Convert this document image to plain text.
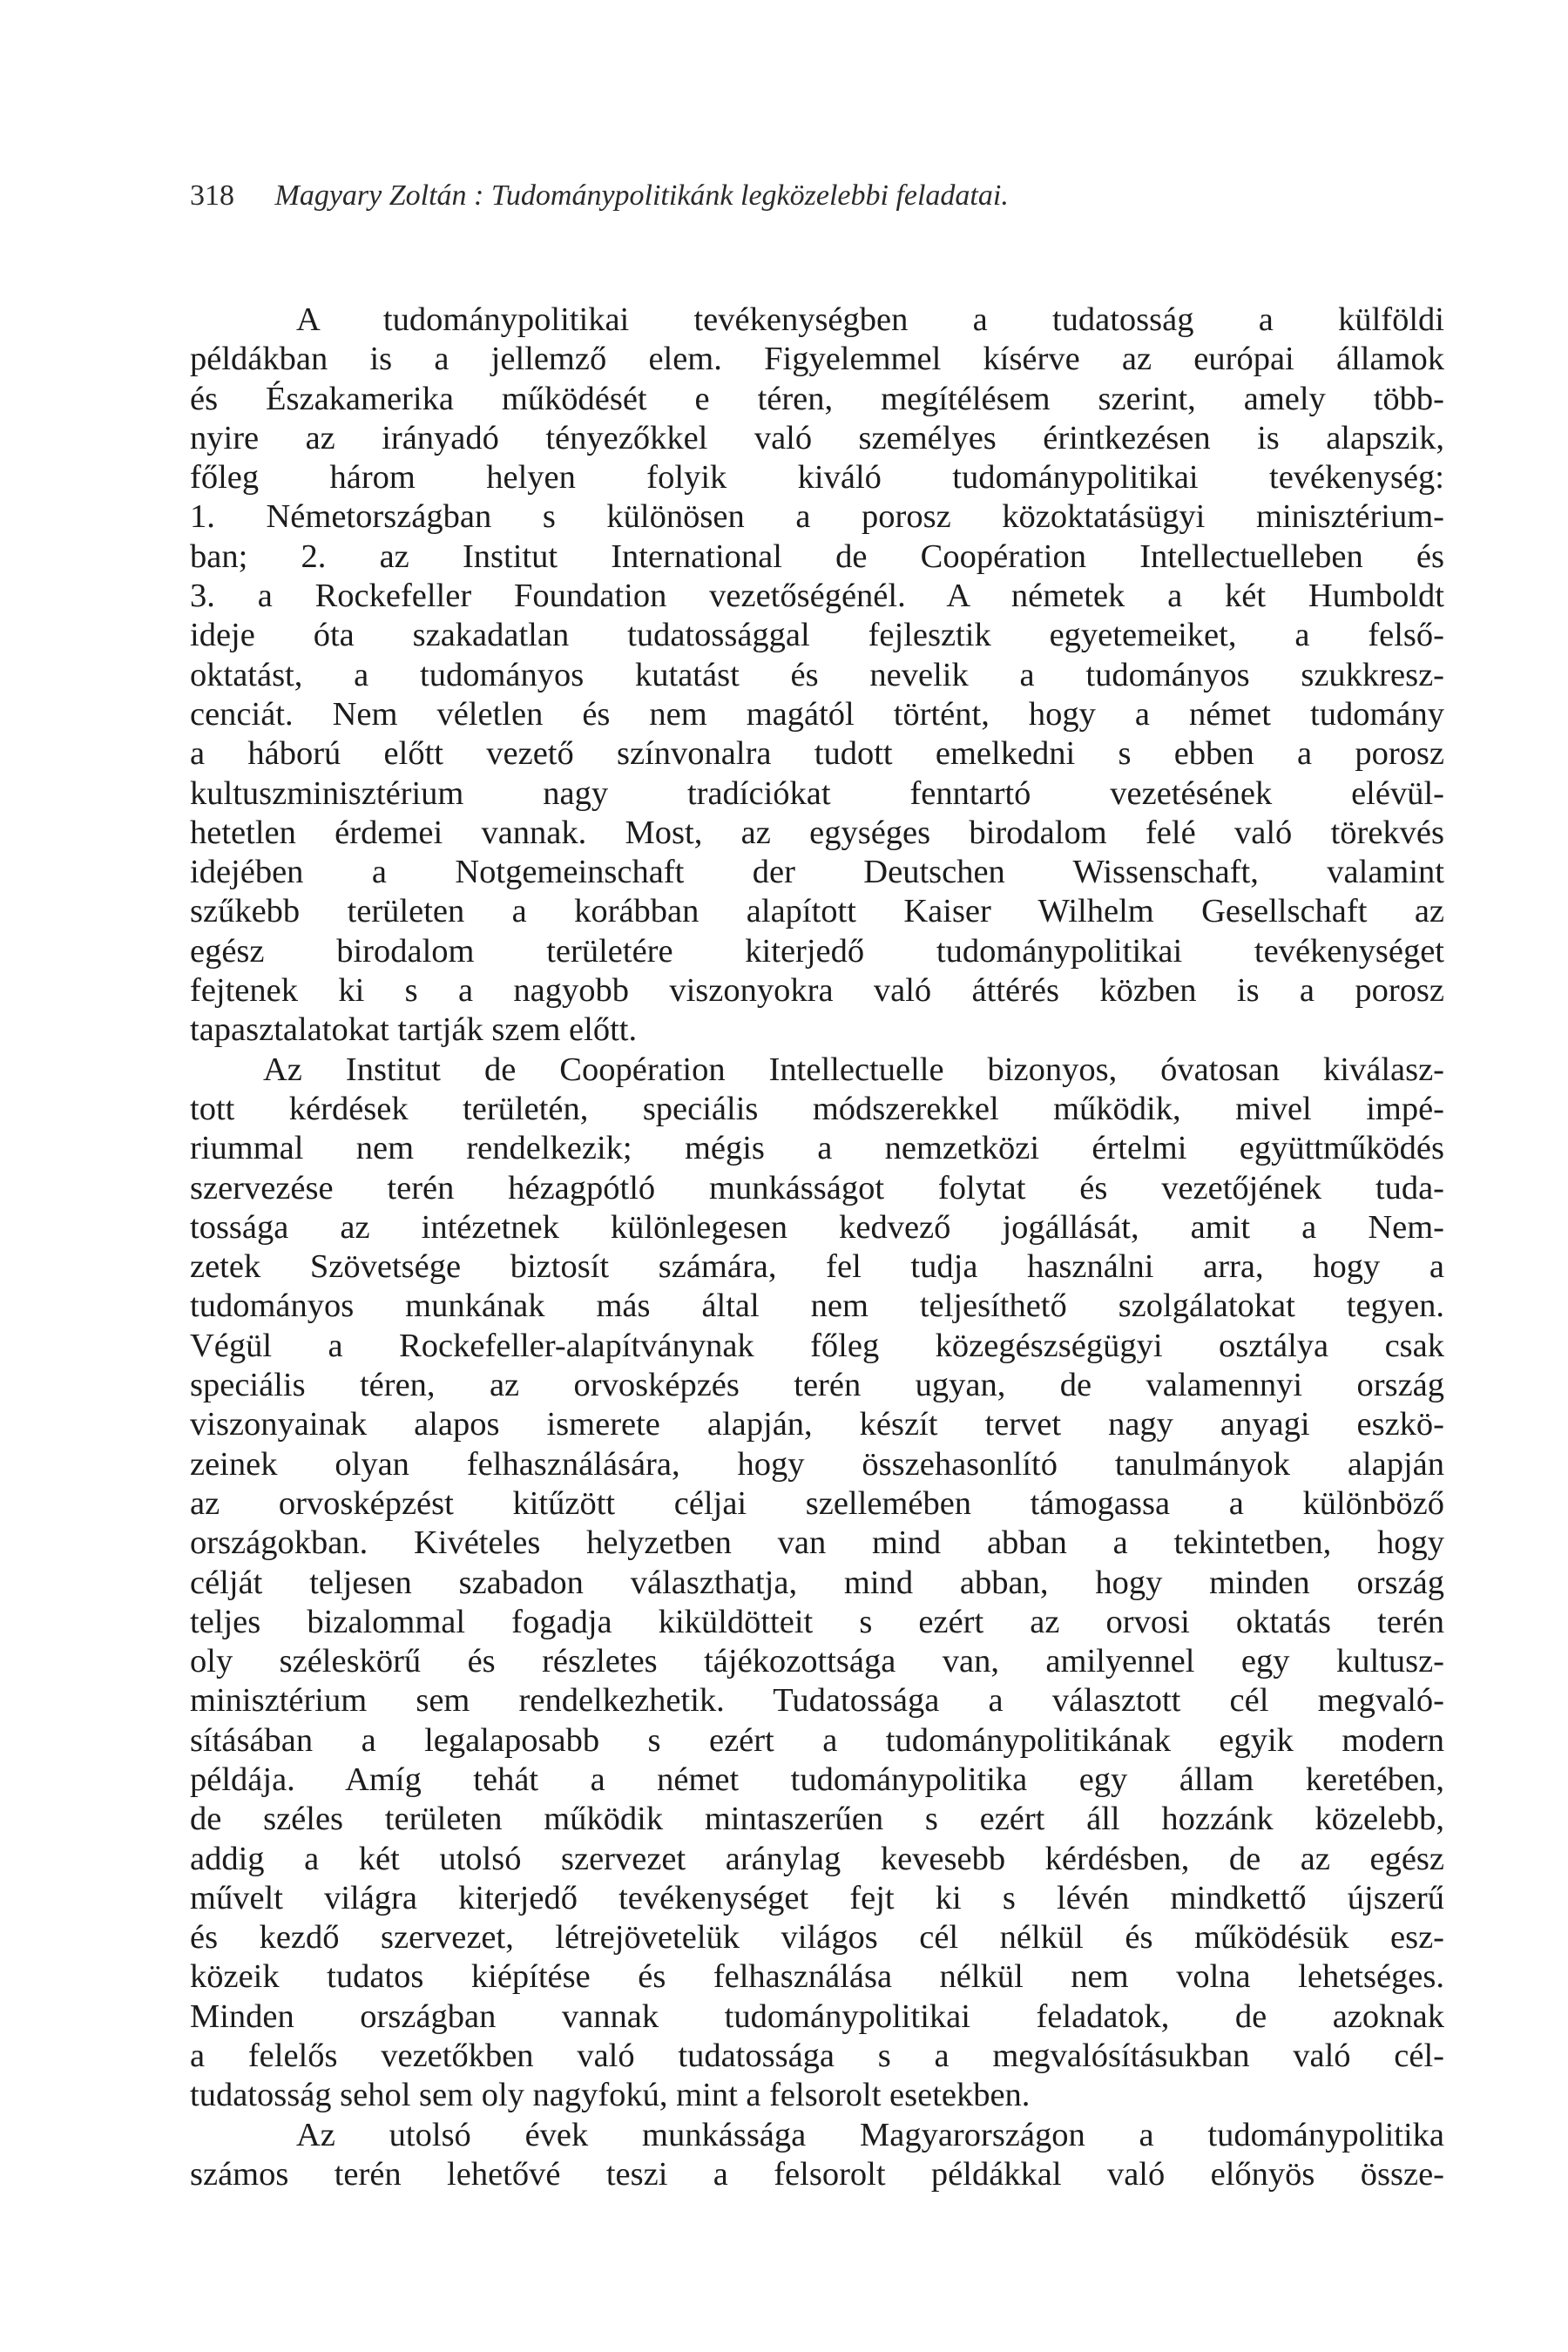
318 Magyary Zoltán : Tudománypolitikánk legközelebbi feladatai.
A tudománypolitikai tevékenységben a tudatosság a külföldi
példákban is a jellemző elem. Figyelemmel kísérve az európai államok
és Északamerika működését e téren, megítélésem szerint, amely több-
nyire az irányadó tényezőkkel való személyes érintkezésen is alapszik,
főleg három helyen folyik kiváló tudománypolitikai tevékenység:
1. Németországban s különösen a porosz közoktatásügyi minisztérium-
ban; 2. az Institut International de Coopération Intellectuelleben és
3. a Rockefeller Foundation vezetőségénél. A németek a két Humboldt
ideje óta szakadatlan tudatossággal fejlesztik egyetemeiket, a felső-
oktatást, a tudományos kutatást és nevelik a tudományos szukkresz-
cenciát. Nem véletlen és nem magától történt, hogy a német tudomány
a háború előtt vezető színvonalra tudott emelkedni s ebben a porosz
kultuszminisztérium nagy tradíciókat fenntartó vezetésének elévül-
hetetlen érdemei vannak. Most, az egységes birodalom felé való törekvés
idejében a Notgemeinschaft der Deutschen Wissenschaft, valamint
szűkebb területen a korábban alapított Kaiser Wilhelm Gesellschaft az
egész birodalom területére kiterjedő tudománypolitikai tevékenységet
fejtenek ki s a nagyobb viszonyokra való áttérés közben is a porosz
tapasztalatokat tartják szem előtt.
Az Institut de Coopération Intellectuelle bizonyos, óvatosan kiválasz-
tott kérdések területén, speciális módszerekkel működik, mivel impé-
riummal nem rendelkezik; mégis a nemzetközi értelmi együttműködés
szervezése terén hézagpótló munkásságot folytat és vezetőjének tuda-
tossága az intézetnek különlegesen kedvező jogállását, amit a Nem-
zetek Szövetsége biztosít számára, fel tudja használni arra, hogy a
tudományos munkának más által nem teljesíthető szolgálatokat tegyen.
Végül a Rockefeller-alapítványnak főleg közegészségügyi osztálya csak
speciális téren, az orvosképzés terén ugyan, de valamennyi ország
viszonyainak alapos ismerete alapján, készít tervet nagy anyagi eszkö-
zeinek olyan felhasználására, hogy összehasonlító tanulmányok alapján
az orvosképzést kitűzött céljai szellemében támogassa a különböző
országokban. Kivételes helyzetben van mind abban a tekintetben, hogy
célját teljesen szabadon választhatja, mind abban, hogy minden ország
teljes bizalommal fogadja kiküldötteit s ezért az orvosi oktatás terén
oly széleskörű és részletes tájékozottsága van, amilyennel egy kultusz-
minisztérium sem rendelkezhetik. Tudatossága a választott cél megvaló-
sításában a legalaposabb s ezért a tudománypolitikának egyik modern
példája. Amíg tehát a német tudománypolitika egy állam keretében,
de széles területen működik mintaszerűen s ezért áll hozzánk közelebb,
addig a két utolsó szervezet aránylag kevesebb kérdésben, de az egész
művelt világra kiterjedő tevékenységet fejt ki s lévén mindkettő újszerű
és kezdő szervezet, létrejövetelük világos cél nélkül és működésük esz-
közeik tudatos kiépítése és felhasználása nélkül nem volna lehetséges.
Minden országban vannak tudománypolitikai feladatok, de azoknak
a felelős vezetőkben való tudatossága s a megvalósításukban való cél-
tudatosság sehol sem oly nagyfokú, mint a felsorolt esetekben.
Az utolsó évek munkássága Magyarországon a tudománypolitika
számos terén lehetővé teszi a felsorolt példákkal való előnyös össze-
